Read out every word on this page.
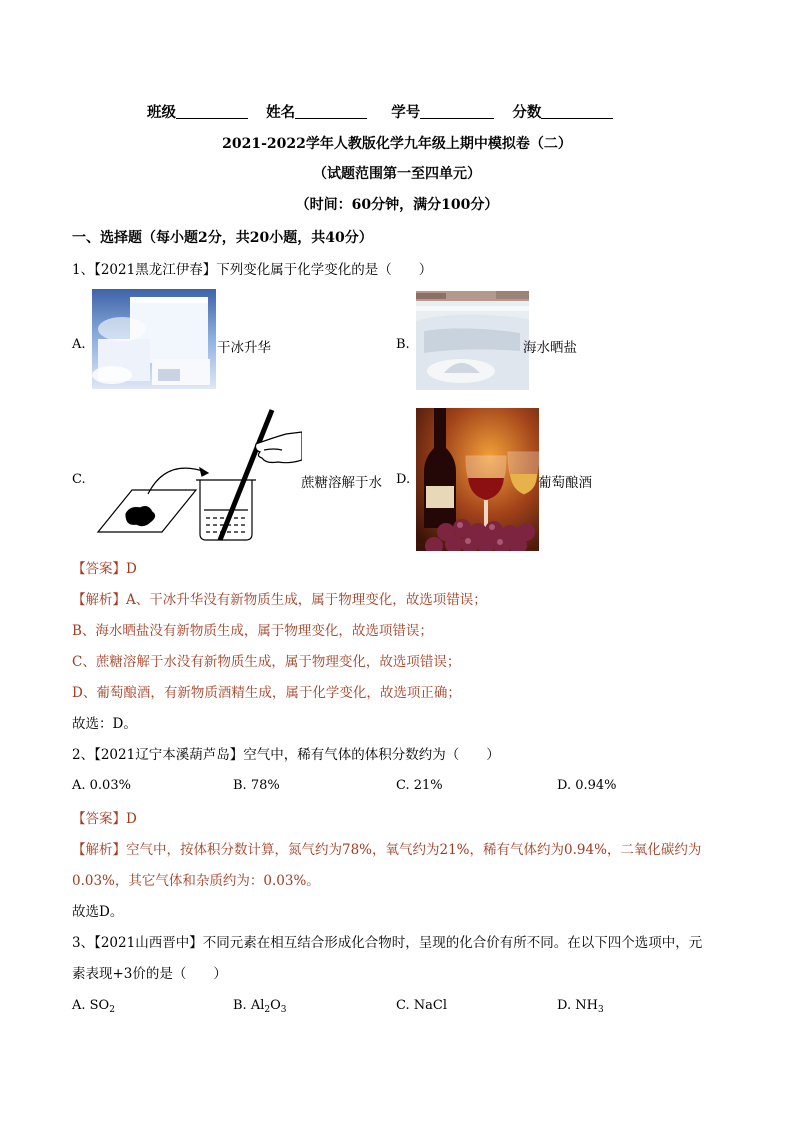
班级	姓名	学号	分数
2021-2022学年人教版化学九年级上期中模拟卷（二）
（试题范围第一至四单元）
（时间：60分钟，满分100分）
一、选择题（每小题2分，共20小题，共40分）
1、【2021黑龙江伊春】下列变化属于化学变化的是（　　）
A.	干冰升华	B.	海水晒盐
C.	蔗糖溶解于水 D.	葡萄酿酒
【答案】D
【解析】A、干冰升华没有新物质生成，属于物理变化，故选项错误；
B、海水晒盐没有新物质生成，属于物理变化，故选项错误；
C、蔗糖溶解于水没有新物质生成，属于物理变化，故选项错误；
D、葡萄酿酒，有新物质酒精生成，属于化学变化，故选项正确；
故选：D。
2、【2021辽宁本溪葫芦岛】空气中，稀有气体的体积分数约为（　　）
A. 0.03%	B. 78%	C. 21%	D. 0.94%
【答案】D
【解析】空气中，按体积分数计算，氮气约为78%，氧气约为21%，稀有气体约为0.94%，二氧化碳约为
0.03%，其它气体和杂质约为：0.03%。
故选D。
3、【2021山西晋中】不同元素在相互结合形成化合物时，呈现的化合价有所不同。在以下四个选项中，元
素表现+3价的是（　　）
A. $SO_2$	B. $Al_2O_3$	C. NaCl	D. $NH_3$
